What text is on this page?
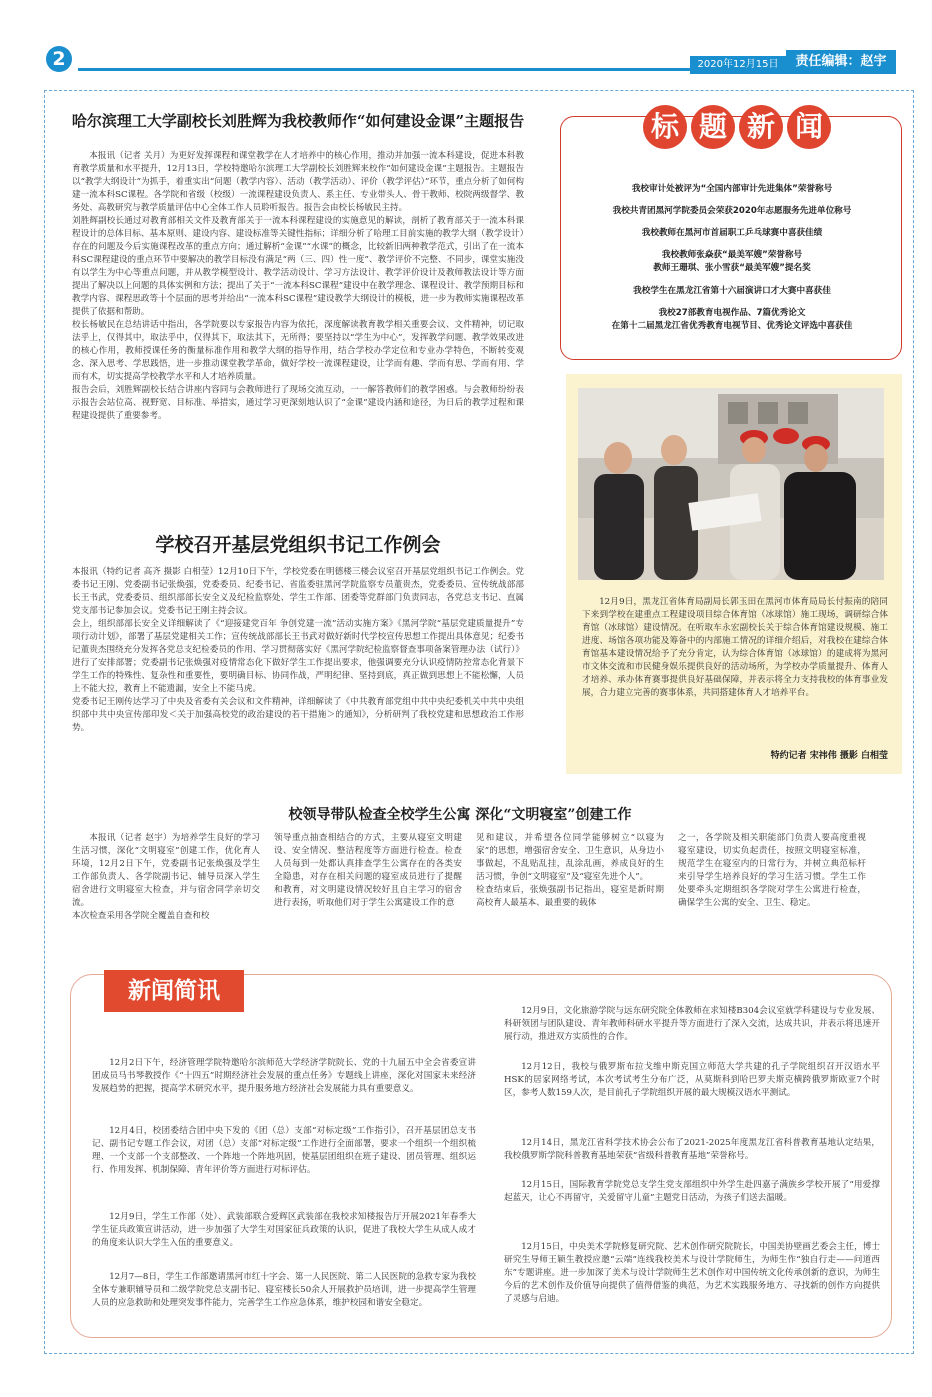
2	2020年12月15日	责任编辑：赵宇
哈尔滨理工大学副校长刘胜辉为我校教师作“如何建设金课”主题报告

本报讯（记者 关月）为更好发挥课程和课堂教学在人才培养中的核心作用，推动并加强一流本科建设，促进本科教育教学质量和水平提升，12月13日，学校特邀哈尔滨理工大学副校长刘胜辉来校作“如何建设金课”主题报告。主题报告以“教学大纲设计”为抓手，着重实出“问题（教学内容）、活动（教学活动）、评价（教学评估）”环节，重点分析了如何构建一流本科SC课程。各学院和省级（校级）一流课程建设负责人、系主任、专业带头人、骨干教师、校院两级督学、教务处、高教研究与教学质量评估中心全体工作人员聆听报告。报告会由校长杨敏民主持。
刘胜辉副校长通过对教育部相关文件及教育部关于一流本科课程建设的实施意见的解读，剖析了教育部关于一流本科课程设计的总体目标、基本原则、建设内容、建设标准等关键性指标；详细分析了哈理工目前实施的教学大纲（教学设计）存在的问题及今后实施课程改革的重点方向；通过解析“金课”“水课”的概念，比较新旧两种教学范式，引出了在一流本科SC课程建设的重点环节中要解决的教学目标没有满足“两（三、四）性一度”、教学评价不完整、不同步，课堂实施没有以学生为中心等重点问题，并从教学模型设计、教学活动设计、学习方法设计、教学评价设计及教师教法设计等方面提出了解决以上问题的具体实例和方法；提出了关于“一流本科SC课程”建设中在教学理念、课程设计、教学预期目标和教学内容、课程思政等十个层面的思考并给出“一流本科SC课程”建设教学大纲设计的模板，进一步为教师实施课程改革提供了依据和帮助。
校长杨敏民在总结讲话中指出，各学院要以专家报告内容为依托，深度解读教育教学相关重要会议、文件精神，切记取法乎上，仅得其中，取法乎中，仅得其下，取法其下，无所得；要坚持以“学生为中心”，发挥教学问题、教学效果改进的核心作用，教师授课任务的衡量标准作用和教学大纲的指导作用，结合学校办学定位和专业办学特色，不断转变观念、深入思考、学思践悟，进一步推动课堂教学革命，做好学校一流课程建设，让学而有趣、学而有思、学而有用、学而有术，切实提高学校教学水平和人才培养质量。
报告会后，刘胜辉副校长结合讲座内容同与会教师进行了现场交流互动，一一解答教师们的教学困惑。与会教师纷纷表示报告会站位高、视野宽、目标准、举措实，通过学习更深刻地认识了“金课”建设内涵和途径，为日后的教学过程和课程建设提供了重要参考。

学校召开基层党组织书记工作例会

本报讯（特约记者 高齐 摄影 白相莹）12月10日下午，学校党委在明德楼三楼会议室召开基层党组织书记工作例会。党委书记王刚、党委副书记张焕强，党委委员、纪委书记、省监委驻黑河学院监察专员董贵杰，党委委员、宣传统战部部长王书武，党委委员、组织部部长安全义及纪检监察处、学生工作部、团委等党群部门负责同志，各党总支书记、直属党支部书记参加会议。党委书记王刚主持会议。
会上，组织部部长安全义详细解读了《“迎接建党百年 争创党建一流”活动实施方案》《黑河学院“基层党建质量提升”专项行动计划》，部署了基层党建相关工作；宣传统战部部长王书武对做好新时代学校宣传思想工作提出具体意见；纪委书记董贵杰围绕充分发挥各党总支纪检委员的作用、学习贯彻落实好《黑河学院纪检监察督查事项备案管理办法（试行）》进行了安排部署；党委副书记张焕强对疫情常态化下做好学生工作提出要求，他强调要充分认识疫情防控常态化背景下学生工作的特殊性、复杂性和重要性，要明确目标、协同作战，严明纪律、坚持到底，真正做到思想上不能松懈，人员上不能大拉，教育上不能遗漏，安全上不能马虎。
党委书记王刚传达学习了中央及省委有关会议和文件精神，详细解读了《中共教育部党组中共中央纪委机关中共中央组织部中共中央宣传部印发＜关于加强高校党的政治建设的若干措施＞的通知》，分析研判了我校党建和思想政治工作形势。

标 题 新 闻
我校审计处被评为“全国内部审计先进集体”荣誉称号
我校共青团黑河学院委员会荣获2020年志愿服务先进单位称号
我校教师在黑河市首届职工乒乓球赛中喜获佳绩
我校教师张焱获“最美军嫂”荣誉称号
教师王珊琪、张小雪获“最美军嫂”提名奖
我校学生在黑龙江省第十六届演讲口才大赛中喜获佳
我校27部教育电视作品、7篇优秀论文
在第十二届黑龙江省优秀教育电视节目、优秀论文评选中喜获佳

12月9日，黑龙江省体育局副局长郭玉田在黑河市体育局局长付振南的陪同下来到学校在建重点工程建设项目综合体育馆（冰球馆）施工现场，调研综合体育馆（冰球馆）建设情况。在听取车永宏副校长关于综合体育馆建设规模、施工进度、场馆各项功能及筹备中的内部施工情况的详细介绍后，对我校在建综合体育馆基本建设情况给予了充分肯定，认为综合体育馆（冰球馆）的建成将为黑河市文体交流和市民健身娱乐提供良好的活动场所，为学校办学质量提升、体育人才培养、承办体育赛事提供良好基础保障，并表示将全力支持我校的体育事业发展，合力建立完善的赛事体系，共同搭建体育人才培养平台。

特约记者 宋祎伟 摄影 白相莹
校领导带队检查全校学生公寓 深化“文明寝室”创建工作

本报讯（记者 赵宇）为培养学生良好的学习生活习惯，深化“文明寝室”创建工作，优化育人环境，12月2日下午，党委副书记张焕强及学生工作部负责人、各学院副书记、辅导员深入学生宿舍进行文明寝室大检查，并与宿舍同学亲切交流。
本次检查采用各学院全覆盖自查和校

领导重点抽查相结合的方式，主要从寝室文明建设、安全情况、整洁程度等方面进行检查。检查人员每到一处都认真排查学生公寓存在的各类安全隐患，对存在相关问题的寝室成员进行了提醒和教育，对文明建设情况较好且自主学习的宿舍进行表扬，听取他们对于学生公寓建设工作的意

见和建议，并希望各位同学能够树立“以寝为家”的思想，增强宿舍安全、卫生意识，从身边小事做起，不乱贴乱挂，乱涂乱画，养成良好的生活习惯，争创“文明寝室”及“寝室先进个人”。
检查结束后，张焕强副书记指出，寝室是新时期高校育人最基本、最重要的载体

之一，各学院及相关职能部门负责人要高度重视寝室建设，切实负起责任，按照文明寝室标准，规范学生在寝室内的日常行为，并树立典范标杆来引导学生培养良好的学习生活习惯。学生工作处要牵头定期组织各学院对学生公寓进行检查，确保学生公寓的安全、卫生、稳定。

新闻简讯

12月2日下午，经济管理学院特邀哈尔滨师范大学经济学院院长、党的十九届五中全会省委宣讲团成员马书琴教授作《“十四五”时期经济社会发展的重点任务》专题线上讲座，深化对国家未来经济发展趋势的把握，提高学术研究水平，提升服务地方经济社会发展能力具有重要意义。

12月4日，校团委结合团中央下发的《团（总）支部“对标定级”工作指引》，召开基层团总支书记、副书记专题工作会议，对团（总）支部“对标定级”工作进行全面部署，要求一个组织一个组织梳理、一个支部一个支部整改、一个阵地一个阵地巩固，使基层团组织在班子建设、团员管理、组织运行、作用发挥、机制保障、青年评价等方面进行对标评估。

12月9日，学生工作部（处）、武装部联合爱辉区武装部在我校求知楼报告厅开展2021年春季大学生征兵政策宣讲活动，进一步加强了大学生对国家征兵政策的认识，促进了我校大学生从成人成才的角度来认识大学生入伍的重要意义。

12月7—8日，学生工作部邀请黑河市红十字会、第一人民医院、第二人民医院的急救专家为我校全体专兼职辅导员和二级学院党总支副书记、寝室楼长50余人开展救护员培训，进一步提高学生管理人员的应急救助和处理突发事件能力，完善学生工作应急体系，维护校园和谐安全稳定。

12月9日，文化旅游学院与远东研究院全体教师在求知楼B304会议室就学科建设与专业发展、科研领团与团队建设、青年教师科研水平提升等方面进行了深入交流，达成共识，并表示将迅速开展行动，推进双方实质性的合作。

12月12日，我校与俄罗斯布拉戈维申斯克国立师范大学共建的孔子学院组织召开汉语水平HSK的居家网络考试，本次考试考生分布广泛，从莫斯科到哈巴罗夫斯克横跨俄罗斯欧亚7个时区，参考人数159人次，是目前孔子学院组织开展的最大规模汉语水平测试。

12月14日，黑龙江省科学技术协会公布了2021-2025年度黑龙江省科普教育基地认定结果，我校俄罗斯学院科普教育基地荣获“省级科普教育基地”荣誉称号。

12月15日，国际教育学院党总支学生党支部组织中外学生赴四嘉子满族乡学校开展了“用爱撑起蓝天，让心不再留守，关爱留守儿童”主题党日活动，为孩子们送去温暖。

12月15日，中央美术学院修复研究院、艺术创作研究院院长，中国美协壁画艺委会主任，博士研究生导师王颖生教授应邀“云端”连线我校美术与设计学院师生，为师生作“独自行走——问道西东”专题讲座。进一步加深了美术与设计学院师生艺术创作对中国传统文化传承创新的意识，为师生今后的艺术创作及价值导向提供了值得借鉴的典范，为艺术实践服务地方、寻找新的创作方向提供了灵感与启迪。
